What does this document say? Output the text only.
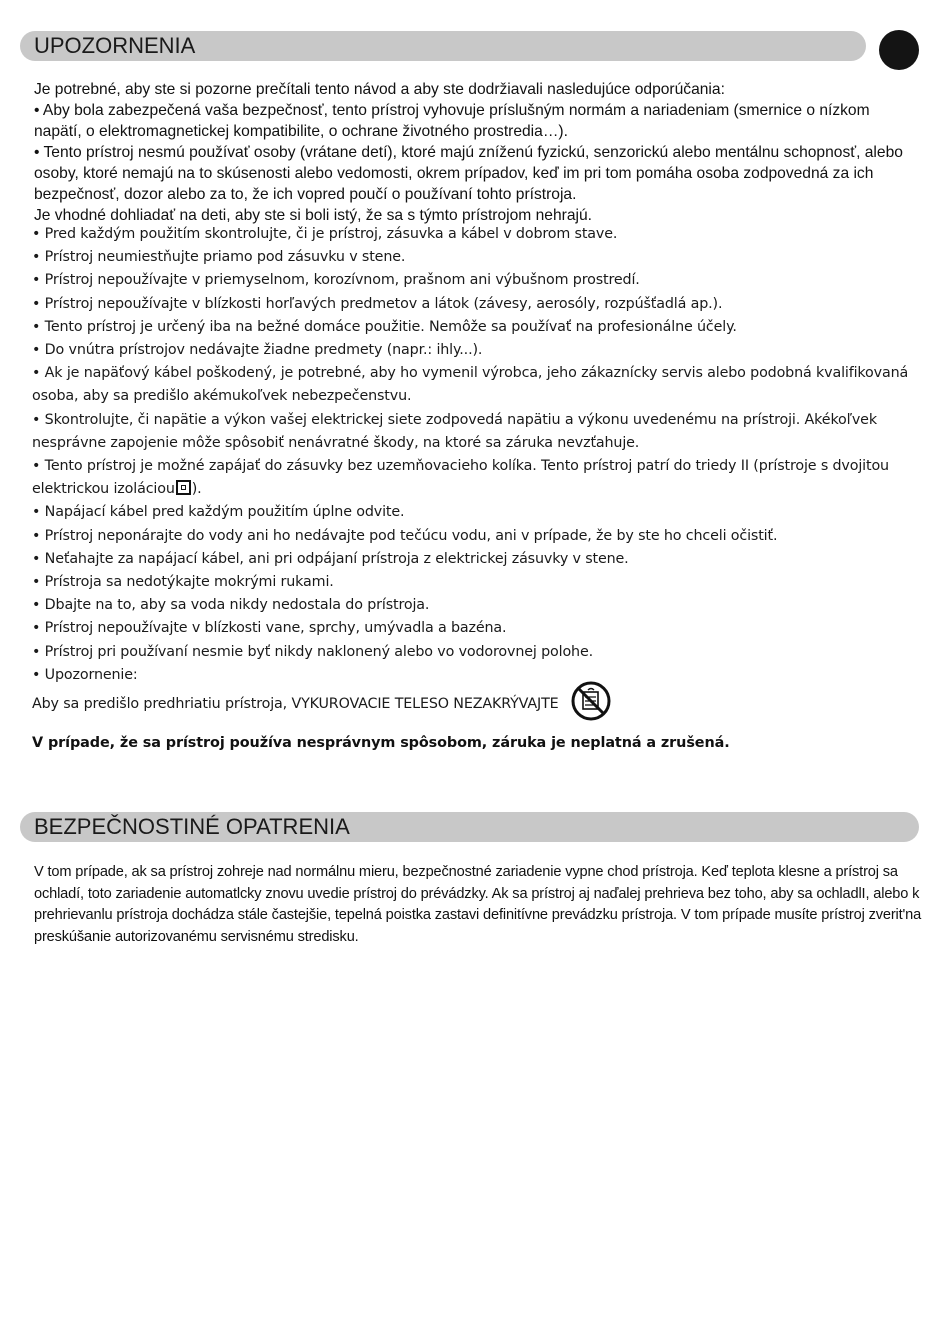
UPOZORNENIA

Je potrebné, aby ste si pozorne prečítali tento návod a aby ste dodržiavali nasledujúce odporúčania:

• Aby bola zabezpečená vaša bezpečnosť, tento prístroj vyhovuje príslušným normám a nariadeniam (smernice o nízkom napätí, o elektromagnetickej kompatibilite, o ochrane životného prostredia…).

• Tento prístroj nesmú používať osoby (vrátane detí), ktoré majú zníženú fyzickú, senzorickú alebo mentálnu schopnosť, alebo osoby, ktoré nemajú na to skúsenosti alebo vedomosti, okrem prípadov, keď im pri tom pomáha osoba zodpovedná za ich bezpečnosť, dozor alebo za to, že ich vopred poučí o používaní tohto prístroja.

Je vhodné dohliadať na deti, aby ste si boli istý, že sa s týmto prístrojom nehrajú.

• Pred každým použitím skontrolujte, či je prístroj, zásuvka a kábel v dobrom stave.

• Prístroj neumiestňujte priamo pod zásuvku v stene.

• Prístroj nepoužívajte v priemyselnom, korozívnom, prašnom ani výbušnom prostredí.

• Prístroj nepoužívajte v blízkosti horľavých predmetov a látok (závesy, aerosóly, rozpúšťadlá ap.).

• Tento prístroj je určený iba na bežné domáce použitie. Nemôže sa používať na profesionálne účely.

• Do vnútra prístrojov nedávajte žiadne predmety (napr.: ihly...).

• Ak je napäťový kábel poškodený, je potrebné, aby ho vymenil výrobca, jeho zákaznícky servis alebo podobná kvalifikovaná osoba, aby sa predišlo akémukoľvek nebezpečenstvu.

• Skontrolujte, či napätie a výkon vašej elektrickej siete zodpovedá napätiu a výkonu uvedenému na prístroji. Akékoľvek nesprávne zapojenie môže spôsobiť nenávratné škody, na ktoré sa záruka nevzťahuje.

• Tento prístroj je možné zapájať do zásuvky bez uzemňovacieho kolíka. Tento prístroj patrí do triedy II (prístroje s dvojitou elektrickou izoláciou ).

• Napájací kábel pred každým použitím úplne odvite.

• Prístroj neponárajte do vody ani ho nedávajte pod tečúcu vodu, ani v prípade, že by ste ho chceli očistiť.

• Neťahajte za napájací kábel, ani pri odpájaní prístroja z elektrickej zásuvky v stene.

• Prístroja sa nedotýkajte mokrými rukami.

• Dbajte na to, aby sa voda nikdy nedostala do prístroja.

• Prístroj nepoužívajte v blízkosti vane, sprchy, umývadla a bazéna.

• Prístroj pri používaní nesmie byť nikdy naklonený alebo vo vodorovnej polohe.

• Upozornenie:

Aby sa predišlo predhriatiu prístroja, VYKUROVACIE TELESO NEZAKRÝVAJTE

V prípade, že sa prístroj používa nesprávnym spôsobom, záruka je neplatná a zrušená.

BEZPEČNOSTINÉ OPATRENIA

V tom prípade, ak sa prístroj zohreje nad normálnu mieru, bezpečnostné zariadenie vypne chod prístroja. Keď teplota klesne a prístroj sa ochladí, toto zariadenie automatlcky znovu uvedie prístroj do prévádzky. Ak sa prístroj aj naďalej prehrieva bez toho, aby sa ochladlI, alebo k prehrievanlu prístroja dochádza stále častejšie, tepelná poistka zastavi definitívne prevádzku prístroja. V tom prípade musíte prístroj zverit'na preskúšanie autorizovanému servisnému stredisku.
